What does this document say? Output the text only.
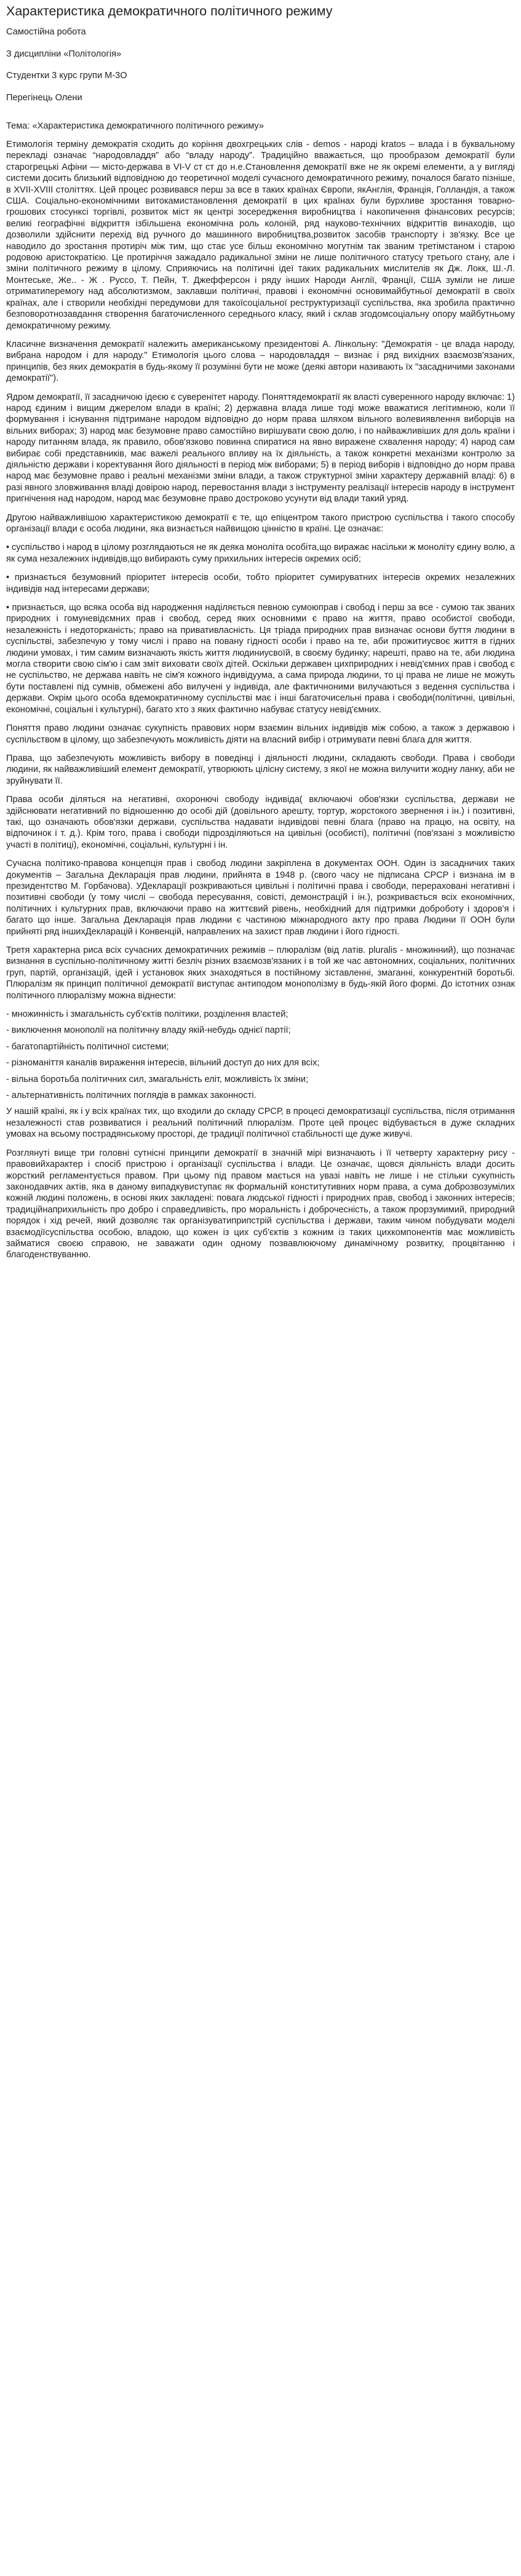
Характеристика демократичного політичного режиму

Самостійна робота

З дисципліни «Політологія»

Студентки 3 курс групи М-3О

Перегінець Олени

Тема: «Характеристика демократичного політичного режиму»

Етимологія терміну демократія сходить до коріння двохгрецьких слів - demos - народі kratos – влада і в буквальному перекладі означає “народовладдя” або “владу народу”. Традиційно вважається, що прообразом демократії були старогрецькі Афіни — місто-держава в VI-V ст ст до н.е.Становлення демократії вже не як окремі елементи, а у вигляді системи досить близький відповідною до теоретичної моделі сучасного демократичного режиму, почалося багато пізніше, в XVII-XVIII століттях. Цей процес розвивався перш за все в таких країнах Європи, якАнглія, Франція, Голландія, а також США. Соціально-економічними витокамистановлення демократії в цих країнах були бурхливе зростання товарно-грошових стосунксі торгівлі, розвиток міст як центрі зосередження виробництва і накопичення фінансових ресурсів; великі географічні відкриття ізбільшена економічна роль колоній, ряд науково-технічних відкриттів винаходів, що дозволили здійснити перехід від ручного до машинного виробництва,розвиток засобів транспорту і зв'язку. Все це наводило до зростання протиріч між тим, що стає усе більш економічно могутнім так званим третімстаном і старою родовою аристократією. Це протиріччя зажадало радикальної зміни не лише політичного статусу третього стану, але і зміни політичного режиму в цілому. Сприяючись на політичні ідеї таких радикальних мислителів як Дж. Локк, Ш.-Л. Монтеське, Же.. - Ж . Руссо, Т. Пейн, Т. Джефферсон і ряду інших Народи Англії, Франції, США зуміли не лише отриматиперемогу над абсолютизмом, заклавши політичні, правові і економічні основимайбутньої демократії в своїх країнах, але і створили необхідні передумови для такоїсоціальної реструктуризації суспільства, яка зробила практично безповоротнозавдання створення багаточисленного середнього класу, який і склав згодомсоціальну опору майбутньому демократичному режиму.

Класичне визначення демократії належить американському президентові А. Лінкольну: "Демократія - це влада народу, вибрана народом і для народу." Етимологія цього слова – народовладдя – визнає і ряд вихідних взаємозв'язаних, принципів, без яких демократія в будь-якому її розумінні бути не може (деякі автори називають їх "засадничими законами демократії").

Ядром демократії, її засадничою ідеєю є суверенітет народу. Поняттядемократії як власті суверенного народу включає: 1) народ єдиним і вищим джерелом влади в країні; 2) державна влада лише тоді може вважатися легітимною, коли її формування і існування підтримане народом відповідно до норм права шляхом вільного волевиявлення виборців на вільних виборах; 3) народ має безумовне право самостійно вирішувати свою долю, і по найважливіших для доль країни і народу питанням влада, як правило, обов'язково повинна спиратися на явно виражене схвалення народу; 4) народ сам вибирає собі представників, має важелі реального впливу на їх діяльність, а також конкретні механізми контролю за діяльністю держави і коректування його діяльності в період між виборами; 5) в період виборів і відповідно до норм права народ має безумовне право і реальні механізми зміни влади, а також структурної зміни характеру державній владі: 6) в разі явного зловживання владі довірою народ, перевостання влади з інструменту реалізації інтересів народу в інструмент пригнічення над народом, народ має безумовне право достроково усунути від влади такий уряд.

Другою найважливішою характеристикою демократії є те, що епіцентром такого пристрою суспільства і такого способу організації влади є особа людини, яка визнається найвищою цінністю в країні. Це означає:

• суспільство і народ в цілому розглядаються не як деяка моноліта особіта,що виражає насільки ж моноліту єдину волю, а як сума незалежних індивідів,що вибирають суму прихильних інтересів окремих осіб;

• признається безумовний пріоритет інтересів особи, тобто пріоритет сумируватних інтересів окремих незалежних індивідів над інтересами держави;

• признається, що всяка особа від народження наділяється певною сумоюправ і свобод і перш за все - сумою так званих природних і гомуневідємних прав і свобод, серед яких основними є право на життя, право особистої свободи, незалежність і недоторканість; право на привативласність. Ця тріада природних прав визначає основи буття людини в суспільстві, забезпечую у тому числі і право на повану гідності особи і право на те, аби прожитиусвоє життя в гідних людини умовах, і тим самим визначають якість життя людиниусвоїй, в своєму будинку; нарешті, право на те, аби людина могла створити свою сім'ю і сам зміт виховати своїх дітей. Оскільки державен цихприродних і невід'ємних прав і свобод є не суспільство, не держава навіть не сім'я кожного індивідуума, а сама природа людини, то ці права не лише не можуть бути поставлені під сумнів, обмежені або вилучені у індивіда, але фактичноними вилучаються з ведення суспільства і держави. Окрім цього особа вдемократичному суспільстві має і інші багаточисельні права і свободи(політичні, цивільні, економічні, соціальні і культурні), багато хто з яких фактично набуває статусу невід'ємних.

Поняття право людини означає сукупність правових норм взаємин вільних індивідів між собою, а також з державою і суспільством в цілому, що забезпечують можливість діяти на власний вибір і отримувати певні блага для життя.

Права, що забезпечують можливість вибору в поведінці і діяльності людини, складають свободи. Права і свободи людини, як найважливіший елемент демократії, утворюють цілісну систему, з якої не можна вилучити жодну ланку, аби не зруйнувати її.

Права особи діляться на негативні, охоронючі свободу індивіда( включаючі обов'язки суспільства, держави не здійснювати негативний по відношенню до особі дій (довільного арешту, тортур, жорстокого звернення і ін.) і позитивні, такі, що означають обов'язки держави, суспільства надавати індивідові певні блага (право на працю, на освіту, на відпочинок і т. д.). Крім того, права і свободи підрозділяються на цивільні (особисті), політичні (пов'язані з можливістю участі в політиці), економічні, соціальні, культурні і ін.

Сучасна політико-правова концепція прав і свобод людини закріплена в документах ООН. Один із засадничих таких документів – Загальна Декларація прав людини, прийнята в 1948 р. (свого часу не підписана СРСР і визнана ім в президентство М. Горбачова). УДекларації розкриваються цивільні і політичні права і свободи, перераховані негативні і позитивні свободи (у тому числі – свобода пересування, совісті, демонстрацій і ін.), розкривається всіх економічних, політичних і культурних прав, включаючи право на життєвий рівень, необхідний для підтримки доброботу і здоров'я і багато що інше. Загальна Декларація прав людини є частиною міжнародного акту про права Людини її ООН були прийняті ряд іншихДекларацій і Конвенцій, направлених на захист прав людини і його гідності.

Третя характерна риса всіх сучасних демократичних режимів – плюралізм (від латів. pluralis - множинний), що позначає визнання в суспільно-політичному житті безліч різних взаємозв'язаних і в той же час автономних, соціальних, політичних груп, партій, організацій, ідей і установок яких знаходяться в постійному зіставленні, змаганні, конкурентній боротьбі. Плюралізм як принцип політичної демократії виступає антиподом монополізму в будь-якій його формі. До істотних ознак політичного плюралізму можна віднести:

- множинність і змагальність суб'єктів політики, розділення властей;

- виключення монополії на політичну владу якій-небудь однієї партії;

- багатопартійність політичної системи;

- різноманіття каналів вираження інтересів, вільний доступ до них для всіх;

- вільна боротьба політичних сил, змагальність еліт, можливість їх зміни;

- альтернативність політичних поглядів в рамках законності.

У нашій країні, як і у всіх країнах тих, що входили до складу СРСР, в процесі демократизації суспільства, після отримання незалежності став розвиватися і реальний політичний плюралізм. Проте цей процес відбувається в дуже складних умовах на всьому пострадянському просторі, де традиції політичної стабільності ще дуже живучі.

Розглянуті вище три головні сутнісні принципи демократії в значній мірі визначають і її четверту характерну рису - правовийхарактер і спосіб пристрою і організації суспільства і влади. Це означає, щовся діяльність влади досить жорсткий регламентується правом. При цьому під правом мається на увазі навіть не лише і не стільки сукупність законодавчих актів, яка в даному випадкувиступає як формальній конститутивних норм права, а сума доброзвозумілих кожній людині положень, в основі яких закладені: повага людської гідності і природних прав, свобод і законних інтересів; традиційнаприхильність про добро і справедливість, про моральність і доброчесність, а також прорзумимий, природний порядок і хід речей, який дозволяє так організуватиприпстрій суспільства і держави, таким чином побудувати моделі взаємодіїсуспільства особою, владою, що кожен із цих суб'єктів з кожним із таких цихкомпонентів має можливість займатися своєю справою, не заважати один одному позвавлюючому динамічному розвитку, процвітанню і благоденствуванню.
